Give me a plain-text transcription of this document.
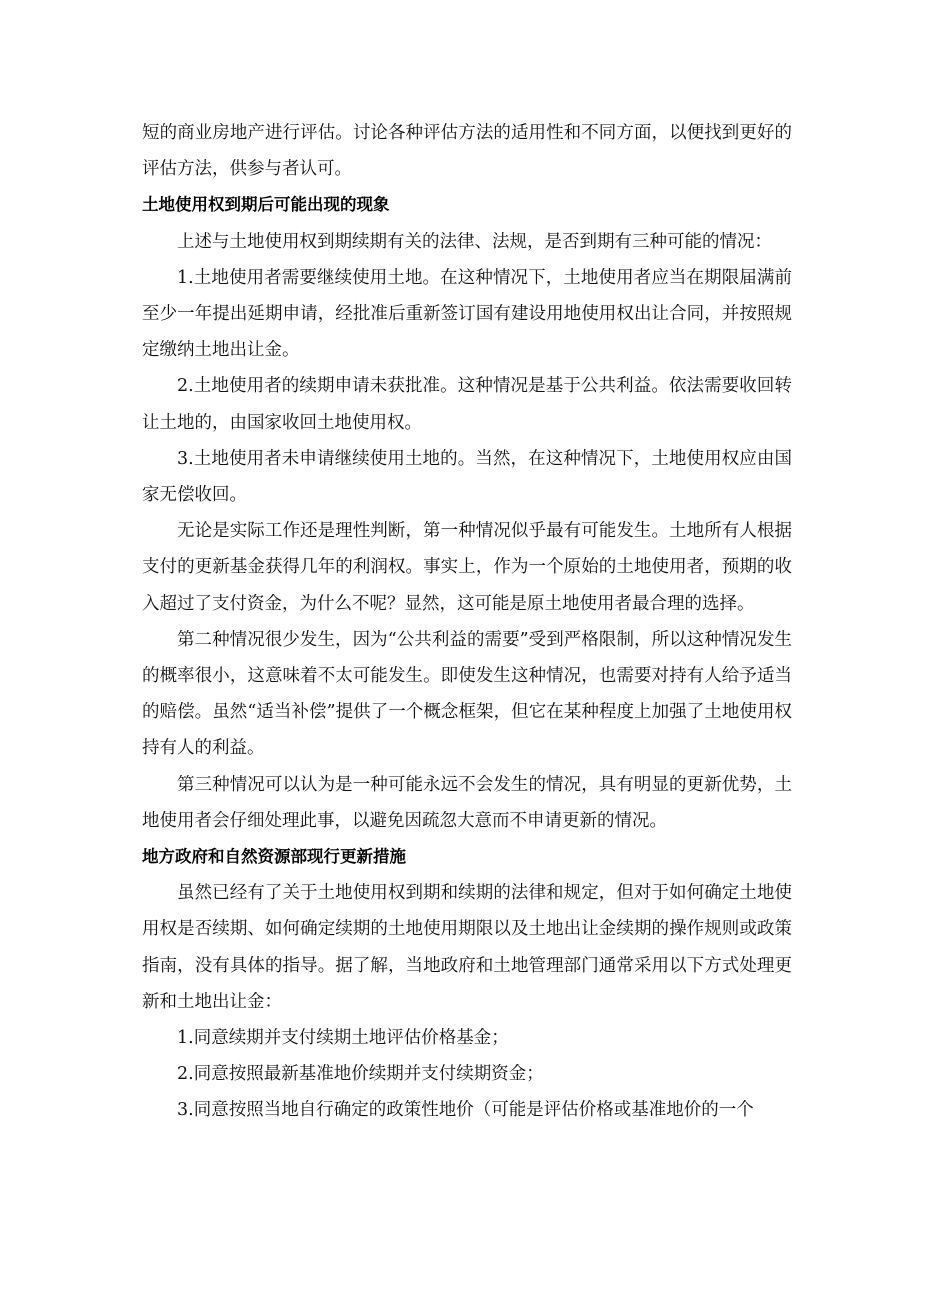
短的商业房地产进行评估。讨论各种评估方法的适用性和不同方面，以便找到更好的评估方法，供参与者认可。

土地使用权到期后可能出现的现象

上述与土地使用权到期续期有关的法律、法规，是否到期有三种可能的情况：

1.土地使用者需要继续使用土地。在这种情况下，土地使用者应当在期限届满前至少一年提出延期申请，经批准后重新签订国有建设用地使用权出让合同，并按照规定缴纳土地出让金。

2.土地使用者的续期申请未获批准。这种情况是基于公共利益。依法需要收回转让土地的，由国家收回土地使用权。

3.土地使用者未申请继续使用土地的。当然，在这种情况下，土地使用权应由国家无偿收回。

无论是实际工作还是理性判断，第一种情况似乎最有可能发生。土地所有人根据支付的更新基金获得几年的利润权。事实上，作为一个原始的土地使用者，预期的收入超过了支付资金，为什么不呢？显然，这可能是原土地使用者最合理的选择。

第二种情况很少发生，因为“公共利益的需要”受到严格限制，所以这种情况发生的概率很小，这意味着不太可能发生。即使发生这种情况，也需要对持有人给予适当的赔偿。虽然“适当补偿”提供了一个概念框架，但它在某种程度上加强了土地使用权持有人的利益。

第三种情况可以认为是一种可能永远不会发生的情况，具有明显的更新优势，土地使用者会仔细处理此事，以避免因疏忽大意而不申请更新的情况。

地方政府和自然资源部现行更新措施

虽然已经有了关于土地使用权到期和续期的法律和规定，但对于如何确定土地使用权是否续期、如何确定续期的土地使用期限以及土地出让金续期的操作规则或政策指南，没有具体的指导。据了解，当地政府和土地管理部门通常采用以下方式处理更新和土地出让金：

1.同意续期并支付续期土地评估价格基金；

2.同意按照最新基准地价续期并支付续期资金；

3.同意按照当地自行确定的政策性地价（可能是评估价格或基准地价的一个
